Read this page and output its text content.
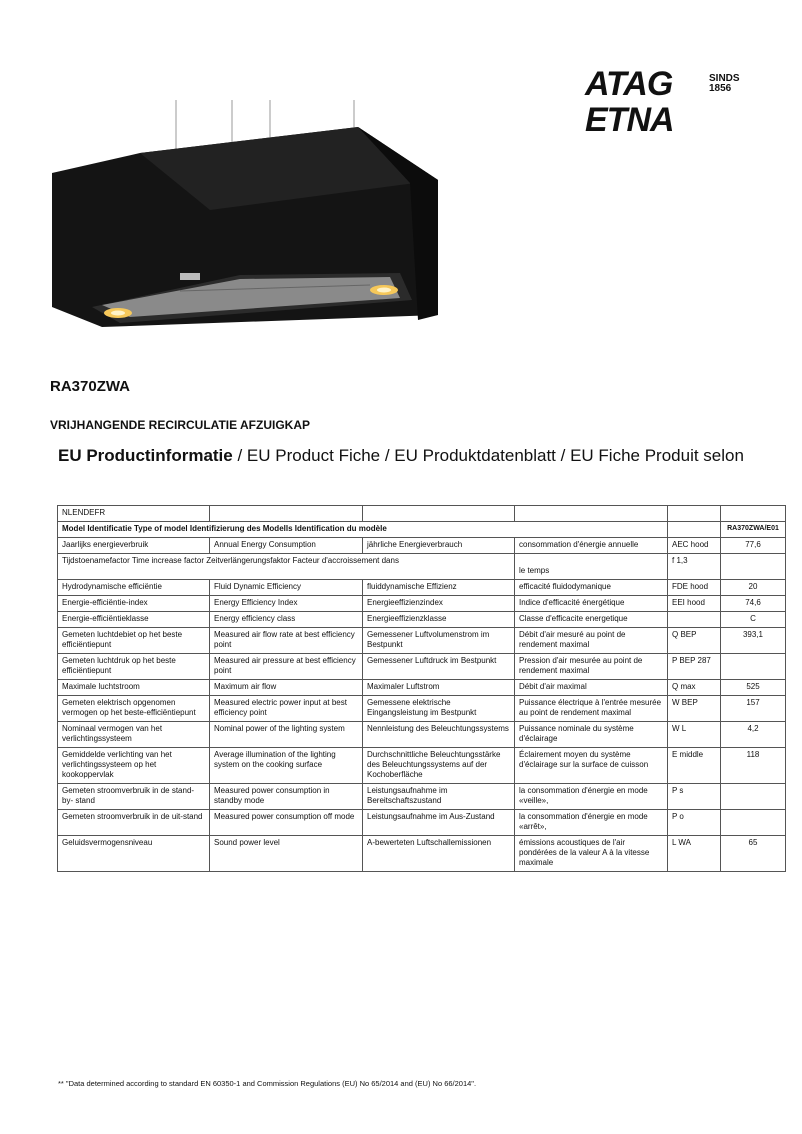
ATAG ETNA
SINDS
1856
RA370ZWA
VRIJHANGENDE RECIRCULATIE AFZUIGKAP
EU Productinformatie / EU Product Fiche / EU Produktdatenblatt / EU Fiche Produit selon
NLENDEFR					
Model Identificatie Type of model Identifizierung des Modells Identification du modèle					RA370ZWA/E01
Jaarlijks energieverbruik	Annual Energy Consumption	jährliche Energieverbrauch	consommation d'énergie annuelle	AEC hood	77,6
Tijdstoenamefactor Time increase factor Zeitverlängerungsfaktor Facteur d'accroissement dans			le temps	f 1,3	
Hydrodynamische efficiëntie	Fluid Dynamic Efficiency	fluiddynamische Effizienz	efficacité fluidodymanique	FDE hood	20
Energie-efficiëntie-index	Energy Efficiency Index	Energieeffizienzindex	Indice d'efficacité énergétique	EEI hood	74,6
Energie-efficiëntieklasse	Energy efficiency class	Energieeffizienzklasse	Classe d'efficacite energetique		C
Gemeten luchtdebiet op het beste efficiëntiepunt	Measured air flow rate at best efficiency point	Gemessener Luftvolumenstrom im Bestpunkt	Débit d'air mesuré au point de rendement maximal	Q BEP	393,1
Gemeten luchtdruk op het beste efficiëntiepunt	Measured air pressure at best efficiency point	Gemessener Luftdruck im Bestpunkt	Pression d'air mesurée au point de rendement maximal	P BEP 287	
Maximale luchtstroom	Maximum air flow	Maximaler Luftstrom	Débit d'air maximal	Q max	525
Gemeten elektrisch opgenomen vermogen op het beste-efficiëntiepunt	Measured electric power input at best efficiency point	Gemessene elektrische Eingangsleistung im Bestpunkt	Puissance électrique à l'entrée mesurée au point de rendement maximal	W BEP	157
Nominaal vermogen van het verlichtingssysteem	Nominal power of the lighting system	Nennleistung des Beleuchtungssystems	Puissance nominale du système d'éclairage	W L	4,2
Gemiddelde verlichting van het verlichtingssysteem op het kookoppervlak	Average illumination of the lighting system on the cooking surface	Durchschnittliche Beleuchtungsstärke des Beleuchtungssystems auf der Kochoberfläche	Éclairement moyen du système d'éclairage sur la surface de cuisson	E middle	118
Gemeten stroomverbruik in de stand-by- stand	Measured power consumption in standby mode	Leistungsaufnahme im Bereitschaftszustand	la consommation d'énergie en mode «veille»,	P s	
Gemeten stroomverbruik in de uit-stand	Measured power consumption off mode	Leistungsaufnahme im Aus-Zustand	la consommation d'énergie en mode «arrêt»,	P o	
Geluidsvermogensniveau	Sound power level	A-bewerteten Luftschallemissionen	émissions acoustiques de l'air pondérées de la valeur A à la vitesse maximale	L WA	65
** "Data determined according to standard EN 60350-1 and Commission Regulations (EU) No 65/2014 and (EU) No 66/2014".
